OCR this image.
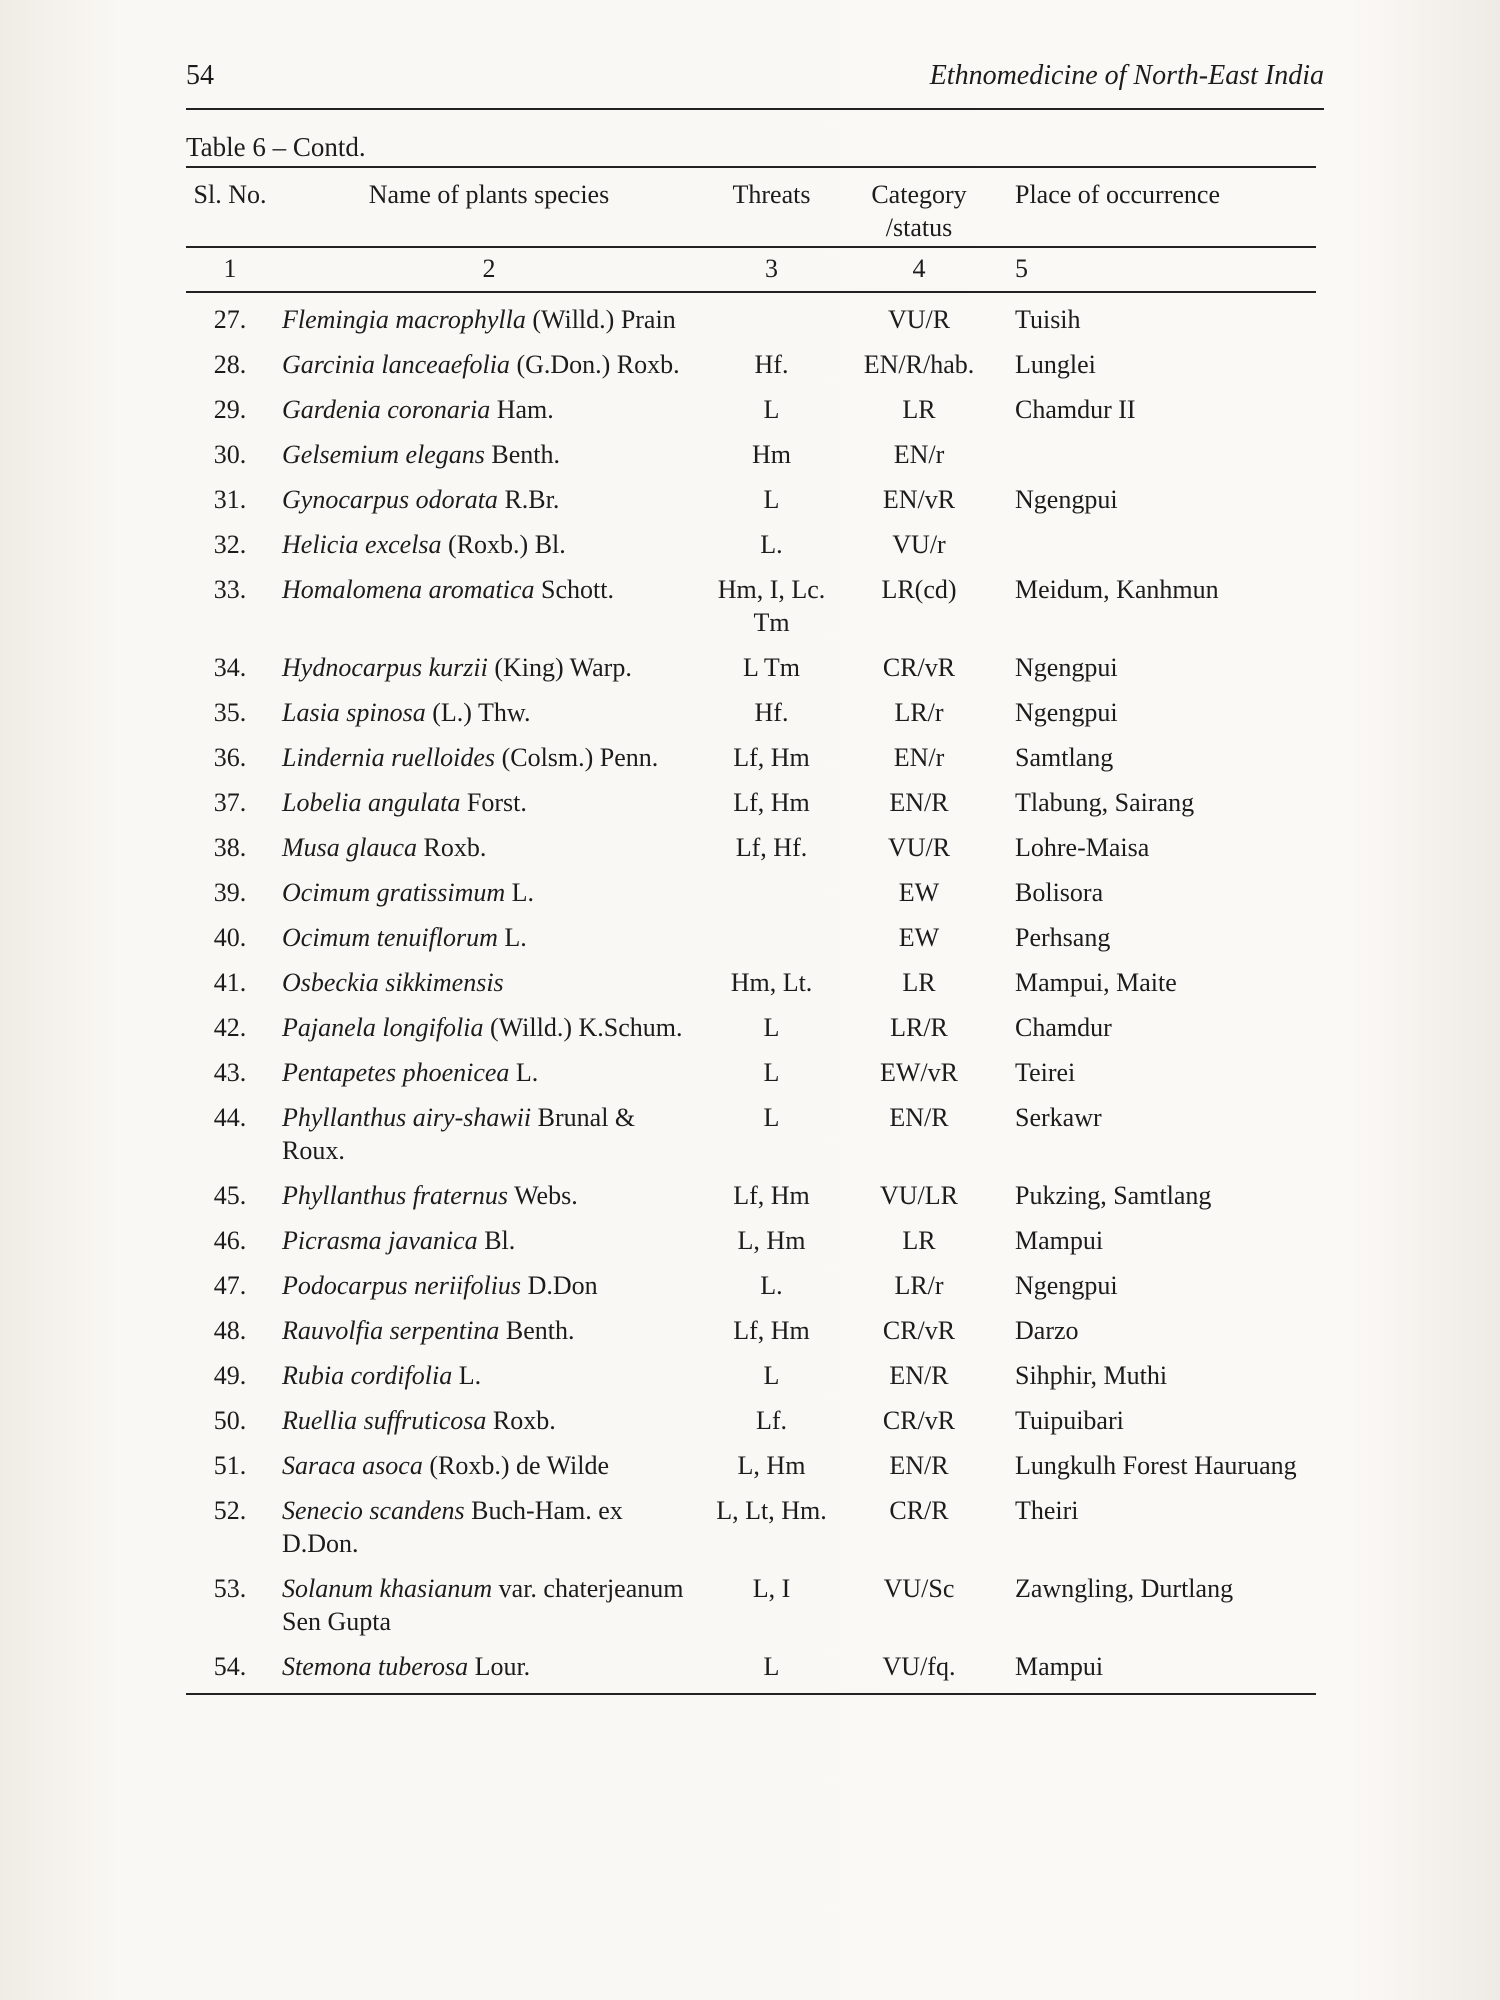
54	Ethnomedicine of North-East India
Table 6 – Contd.
Sl. No.	Name of plants species	Threats	Category /status	Place of occurrence
1	2	3	4	5
27.	Flemingia macrophylla (Willd.) Prain		VU/R	Tuisih
28.	Garcinia lanceaefolia (G.Don.) Roxb.	Hf.	EN/R/hab.	Lunglei
29.	Gardenia coronaria Ham.	L	LR	Chamdur II
30.	Gelsemium elegans Benth.	Hm	EN/r	
31.	Gynocarpus odorata R.Br.	L	EN/vR	Ngengpui
32.	Helicia excelsa (Roxb.) Bl.	L.	VU/r	
33.	Homalomena aromatica Schott.	Hm, I, Lc. Tm	LR(cd)	Meidum, Kanhmun
34.	Hydnocarpus kurzii (King) Warp.	L Tm	CR/vR	Ngengpui
35.	Lasia spinosa (L.) Thw.	Hf.	LR/r	Ngengpui
36.	Lindernia ruelloides (Colsm.) Penn.	Lf, Hm	EN/r	Samtlang
37.	Lobelia angulata Forst.	Lf, Hm	EN/R	Tlabung, Sairang
38.	Musa glauca Roxb.	Lf, Hf.	VU/R	Lohre-Maisa
39.	Ocimum gratissimum L.		EW	Bolisora
40.	Ocimum tenuiflorum L.		EW	Perhsang
41.	Osbeckia sikkimensis	Hm, Lt.	LR	Mampui, Maite
42.	Pajanela longifolia (Willd.) K.Schum.	L	LR/R	Chamdur
43.	Pentapetes phoenicea L.	L	EW/vR	Teirei
44.	Phyllanthus airy-shawii Brunal & Roux.	L	EN/R	Serkawr
45.	Phyllanthus fraternus Webs.	Lf, Hm	VU/LR	Pukzing, Samtlang
46.	Picrasma javanica Bl.	L, Hm	LR	Mampui
47.	Podocarpus neriifolius D.Don	L.	LR/r	Ngengpui
48.	Rauvolfia serpentina Benth.	Lf, Hm	CR/vR	Darzo
49.	Rubia cordifolia L.	L	EN/R	Sihphir, Muthi
50.	Ruellia suffruticosa Roxb.	Lf.	CR/vR	Tuipuibari
51.	Saraca asoca (Roxb.) de Wilde	L, Hm	EN/R	Lungkulh Forest Hauruang
52.	Senecio scandens Buch-Ham. ex D.Don.	L, Lt, Hm.	CR/R	Theiri
53.	Solanum khasianum var. chaterjeanum Sen Gupta	L, I	VU/Sc	Zawngling, Durtlang
54.	Stemona tuberosa Lour.	L	VU/fq.	Mampui
